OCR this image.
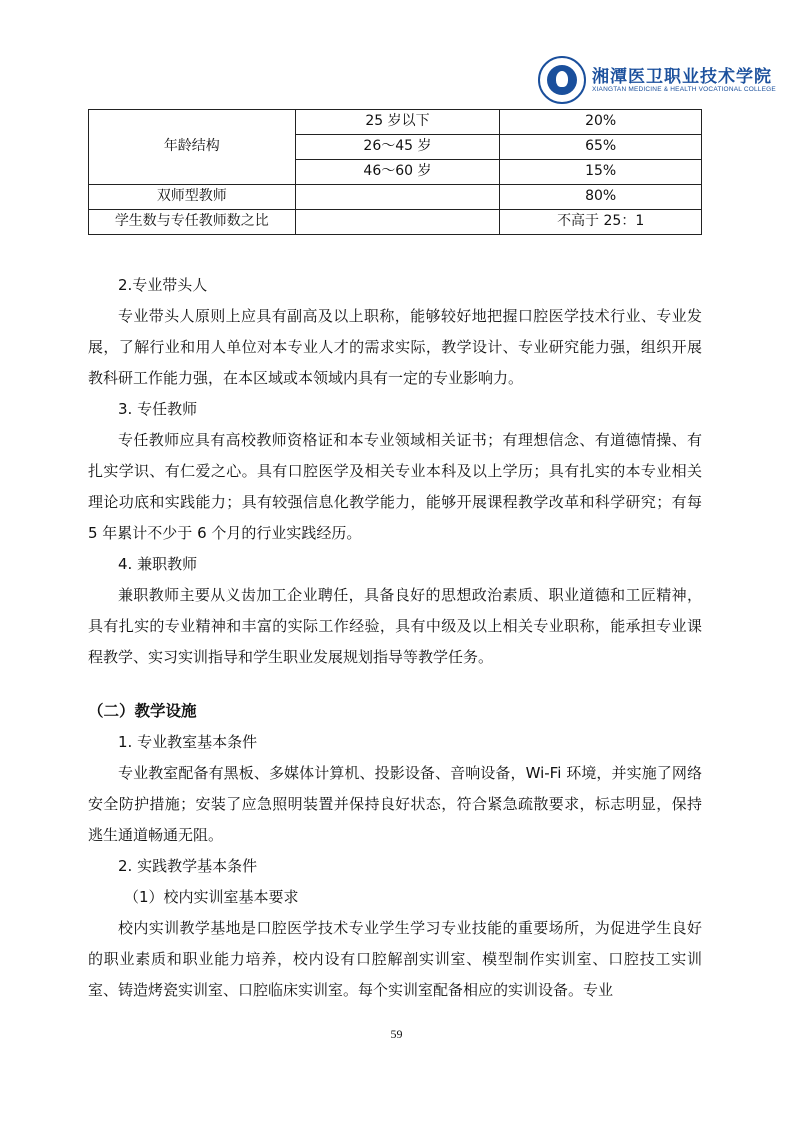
湘潭医卫职业技术学院
XIANGTAN MEDICINE & HEALTH VOCATIONAL COLLEGE
年龄结构	25 岁以下	20%
	26～45 岁	65%
	46～60 岁	15%
双师型教师		80%
学生数与专任教师数之比		不高于 25：1

2.专业带头人

专业带头人原则上应具有副高及以上职称，能够较好地把握口腔医学技术行业、专业发展，了解行业和用人单位对本专业人才的需求实际，教学设计、专业研究能力强，组织开展教科研工作能力强，在本区域或本领域内具有一定的专业影响力。

3. 专任教师

专任教师应具有高校教师资格证和本专业领域相关证书；有理想信念、有道德情操、有扎实学识、有仁爱之心。具有口腔医学及相关专业本科及以上学历；具有扎实的本专业相关理论功底和实践能力；具有较强信息化教学能力，能够开展课程教学改革和科学研究；有每 5 年累计不少于 6 个月的行业实践经历。

4. 兼职教师

兼职教师主要从义齿加工企业聘任，具备良好的思想政治素质、职业道德和工匠精神，具有扎实的专业精神和丰富的实际工作经验，具有中级及以上相关专业职称，能承担专业课程教学、实习实训指导和学生职业发展规划指导等教学任务。

（二）教学设施

1. 专业教室基本条件

专业教室配备有黑板、多媒体计算机、投影设备、音响设备，Wi-Fi 环境，并实施了网络安全防护措施；安装了应急照明装置并保持良好状态，符合紧急疏散要求，标志明显，保持逃生通道畅通无阻。

2. 实践教学基本条件

（1）校内实训室基本要求

校内实训教学基地是口腔医学技术专业学生学习专业技能的重要场所，为促进学生良好的职业素质和职业能力培养，校内设有口腔解剖实训室、模型制作实训室、口腔技工实训室、铸造烤瓷实训室、口腔临床实训室。每个实训室配备相应的实训设备。专业

59
